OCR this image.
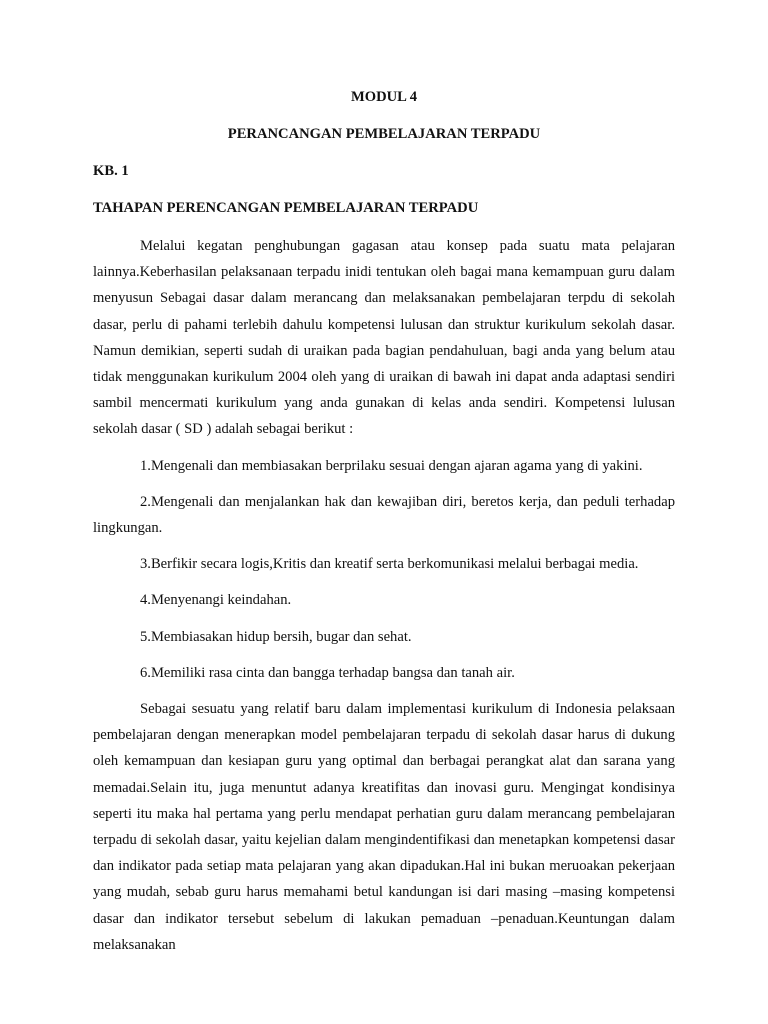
MODUL 4

PERANCANGAN PEMBELAJARAN TERPADU

KB. 1

TAHAPAN PERENCANGAN PEMBELAJARAN TERPADU

Melalui kegatan penghubungan gagasan atau konsep pada suatu mata pelajaran lainnya.Keberhasilan pelaksanaan terpadu inidi tentukan oleh bagai mana kemampuan guru dalam menyusun Sebagai dasar dalam merancang dan melaksanakan pembelajaran terpdu di sekolah dasar, perlu di pahami terlebih dahulu kompetensi lulusan dan struktur kurikulum sekolah dasar. Namun demikian, seperti sudah di uraikan pada bagian pendahuluan, bagi anda yang belum atau tidak menggunakan kurikulum 2004 oleh yang di uraikan di bawah ini dapat anda adaptasi sendiri sambil mencermati kurikulum yang anda gunakan di kelas anda sendiri. Kompetensi lulusan sekolah dasar ( SD ) adalah sebagai berikut :

1.Mengenali dan membiasakan berprilaku sesuai dengan ajaran agama yang di yakini.

2.Mengenali dan menjalankan hak dan kewajiban diri, beretos kerja, dan peduli terhadap lingkungan.

3.Berfikir secara logis,Kritis dan kreatif serta berkomunikasi melalui berbagai media.

4.Menyenangi keindahan.

5.Membiasakan hidup bersih, bugar dan sehat.

6.Memiliki rasa cinta dan bangga terhadap bangsa dan tanah air.

Sebagai sesuatu yang relatif baru dalam implementasi kurikulum di Indonesia pelaksaan pembelajaran dengan menerapkan model pembelajaran terpadu di sekolah dasar harus di dukung oleh kemampuan dan kesiapan guru yang optimal dan berbagai perangkat alat dan sarana yang memadai.Selain itu, juga menuntut adanya kreatifitas dan inovasi guru. Mengingat kondisinya seperti itu maka hal pertama yang perlu mendapat perhatian guru dalam merancang pembelajaran terpadu di sekolah dasar, yaitu kejelian dalam mengindentifikasi dan menetapkan kompetensi dasar dan indikator pada setiap mata pelajaran yang akan dipadukan.Hal ini bukan meruoakan pekerjaan yang mudah, sebab guru harus memahami betul kandungan isi dari masing –masing kompetensi dasar dan indikator tersebut sebelum di lakukan pemaduan –penaduan.Keuntungan dalam melaksanakan
